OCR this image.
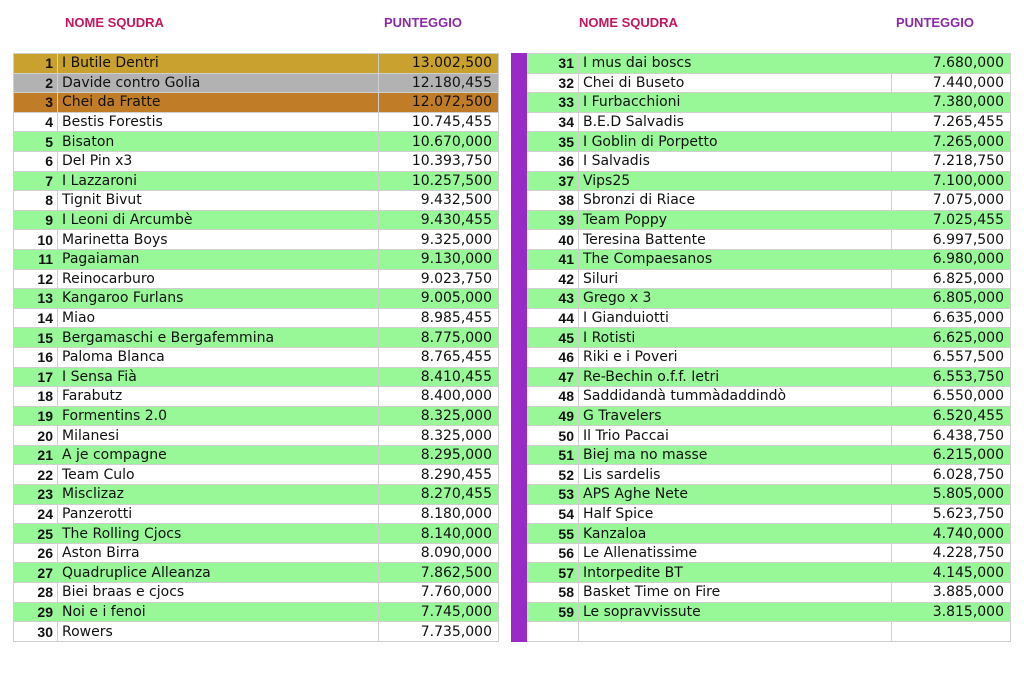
NOME SQUDRA	PUNTEGGIO	NOME SQUDRA	PUNTEGGIO
1	I Butile Dentri	13.002,500
2	Davide contro Golia	12.180,455
3	Chei da Fratte	12.072,500
4	Bestis Forestis	10.745,455
5	Bisaton	10.670,000
6	Del Pin x3	10.393,750
7	I Lazzaroni	10.257,500
8	Tignit Bivut	9.432,500
9	I Leoni di Arcumbè	9.430,455
10	Marinetta Boys	9.325,000
11	Pagaiaman	9.130,000
12	Reinocarburo	9.023,750
13	Kangaroo Furlans	9.005,000
14	Miao	8.985,455
15	Bergamaschi e Bergafemmina	8.775,000
16	Paloma Blanca	8.765,455
17	I Sensa Fià	8.410,455
18	Farabutz	8.400,000
19	Formentins 2.0	8.325,000
20	Milanesi	8.325,000
21	A je compagne	8.295,000
22	Team Culo	8.290,455
23	Misclizaz	8.270,455
24	Panzerotti	8.180,000
25	The Rolling Cjocs	8.140,000
26	Aston Birra	8.090,000
27	Quadruplice Alleanza	7.862,500
28	Biei braas e cjocs	7.760,000
29	Noi e i fenoi	7.745,000
30	Rowers	7.735,000
	31	I mus dai boscs	7.680,000
	32	Chei di Buseto	7.440,000
	33	I Furbacchioni	7.380,000
	34	B.E.D Salvadis	7.265,455
	35	I Goblin di Porpetto	7.265,000
	36	I Salvadis	7.218,750
	37	Vips25	7.100,000
	38	Sbronzi di Riace	7.075,000
	39	Team Poppy	7.025,455
	40	Teresina Battente	6.997,500
	41	The Compaesanos	6.980,000
	42	Siluri	6.825,000
	43	Grego x 3	6.805,000
	44	I Gianduiotti	6.635,000
	45	I Rotisti	6.625,000
	46	Riki e i Poveri	6.557,500
	47	Re-Bechin o.f.f. Ietri	6.553,750
	48	Saddidandà tummàdaddindò	6.550,000
	49	G Travelers	6.520,455
	50	Il Trio Paccai	6.438,750
	51	Biej ma no masse	6.215,000
	52	Lis sardelis	6.028,750
	53	APS Aghe Nete	5.805,000
	54	Half Spice	5.623,750
	55	Kanzaloa	4.740,000
	56	Le Allenatissime	4.228,750
	57	Intorpedite BT	4.145,000
	58	Basket Time on Fire	3.885,000
	59	Le sopravvissute	3.815,000
